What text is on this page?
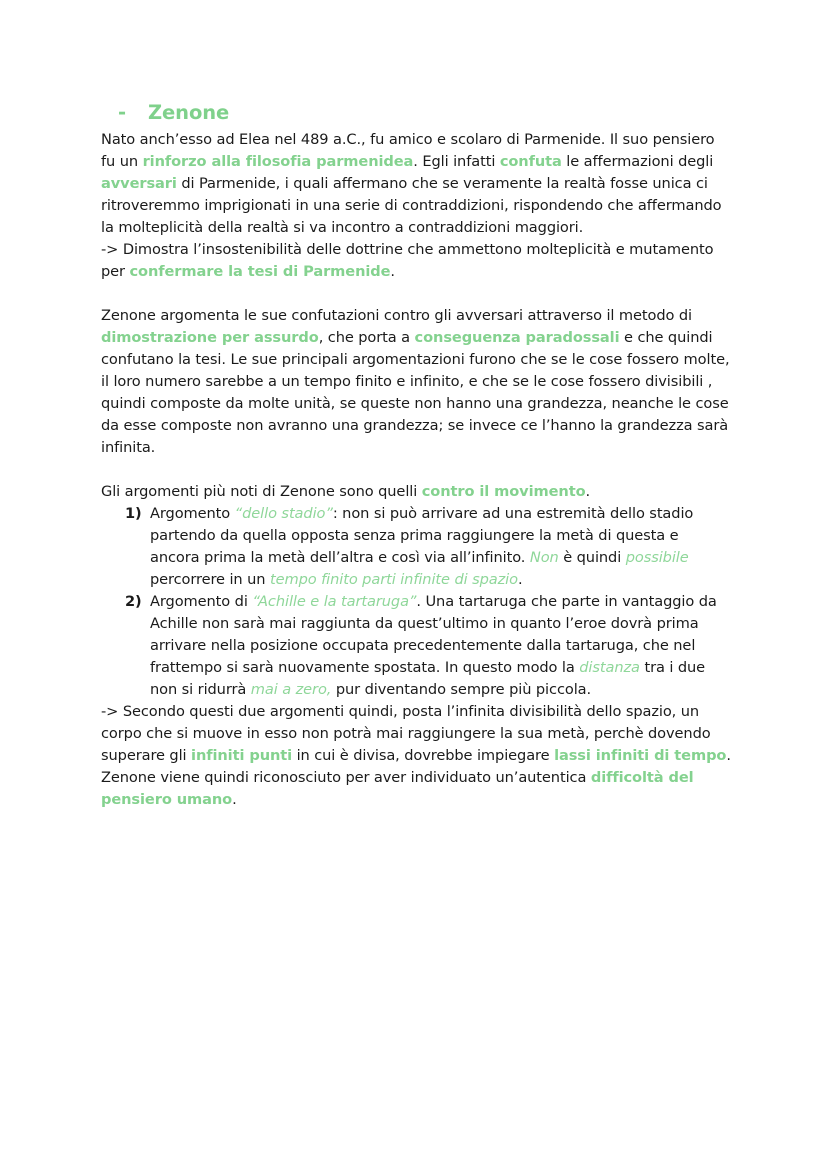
- Zenone

Nato anch’esso ad Elea nel 489 a.C., fu amico e scolaro di Parmenide. Il suo pensiero fu un rinforzo alla filosofia parmenidea. Egli infatti confuta le affermazioni degli avversari di Parmenide, i quali affermano che se veramente la realtà fosse unica ci ritroveremmo imprigionati in una serie di contraddizioni, rispondendo che affermando la molteplicità della realtà si va incontro a contraddizioni maggiori.
-> Dimostra l’insostenibilità delle dottrine che ammettono molteplicità e mutamento per confermare la tesi di Parmenide.

Zenone argomenta le sue confutazioni contro gli avversari attraverso il metodo di dimostrazione per assurdo, che porta a conseguenza paradossali e che quindi confutano la tesi. Le sue principali argomentazioni furono che se le cose fossero molte, il loro numero sarebbe a un tempo finito e infinito, e che se le cose fossero divisibili , quindi composte da molte unità, se queste non hanno una grandezza, neanche le cose da esse composte non avranno una grandezza; se invece ce l’hanno la grandezza sarà infinita.

Gli argomenti più noti di Zenone sono quelli contro il movimento.

1) Argomento “dello stadio”: non si può arrivare ad una estremità dello stadio partendo da quella opposta senza prima raggiungere la metà di questa e ancora prima la metà dell’altra e così via all’infinito. Non è quindi possibile percorrere in un tempo finito parti infinite di spazio.
2) Argomento di “Achille e la tartaruga”. Una tartaruga che parte in vantaggio da Achille non sarà mai raggiunta da quest’ultimo in quanto l’eroe dovrà prima arrivare nella posizione occupata precedentemente dalla tartaruga, che nel frattempo si sarà nuovamente spostata. In questo modo la distanza tra i due non si ridurrà mai a zero, pur diventando sempre più piccola.

-> Secondo questi due argomenti quindi, posta l’infinita divisibilità dello spazio, un corpo che si muove in esso non potrà mai raggiungere la sua metà, perchè dovendo superare gli infiniti punti in cui è divisa, dovrebbe impiegare lassi infiniti di tempo. Zenone viene quindi riconosciuto per aver individuato un’autentica difficoltà del pensiero umano.
